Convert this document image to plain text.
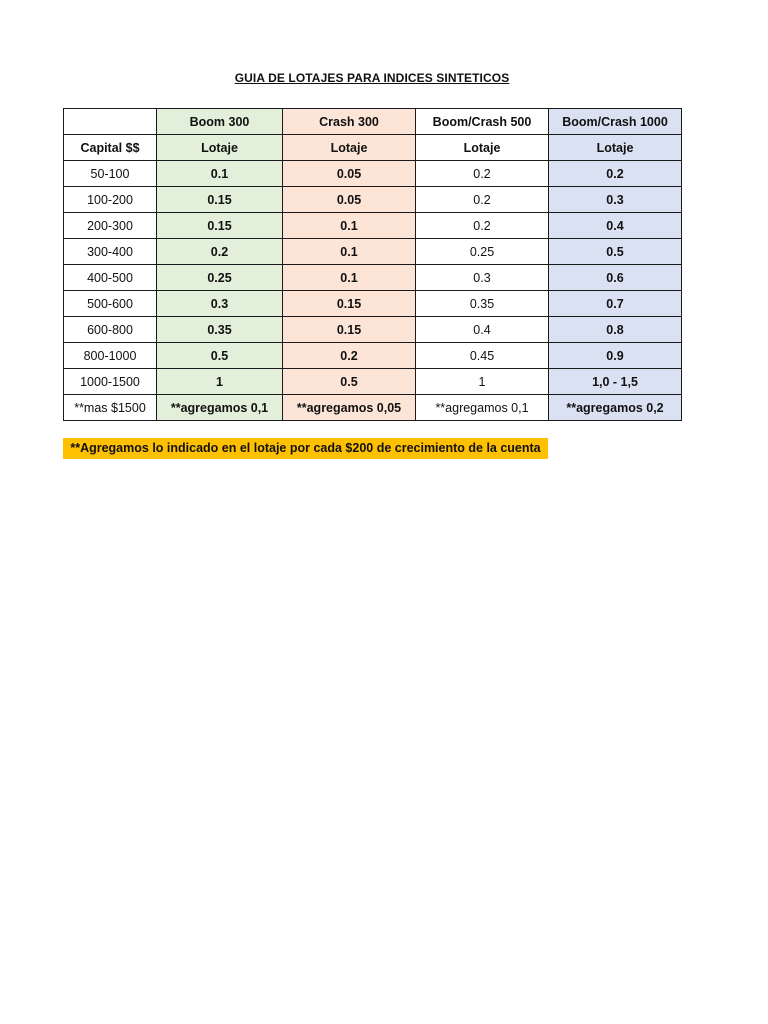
GUIA DE LOTAJES PARA INDICES SINTETICOS
	Boom 300	Crash 300	Boom/Crash 500	Boom/Crash 1000
Capital $$	Lotaje	Lotaje	Lotaje	Lotaje
50-100	0.1	0.05	0.2	0.2
100-200	0.15	0.05	0.2	0.3
200-300	0.15	0.1	0.2	0.4
300-400	0.2	0.1	0.25	0.5
400-500	0.25	0.1	0.3	0.6
500-600	0.3	0.15	0.35	0.7
600-800	0.35	0.15	0.4	0.8
800-1000	0.5	0.2	0.45	0.9
1000-1500	1	0.5	1	1,0 - 1,5
**mas $1500	**agregamos 0,1	**agregamos 0,05	**agregamos 0,1	**agregamos 0,2
**Agregamos lo indicado en el lotaje por cada $200 de crecimiento de la cuenta
